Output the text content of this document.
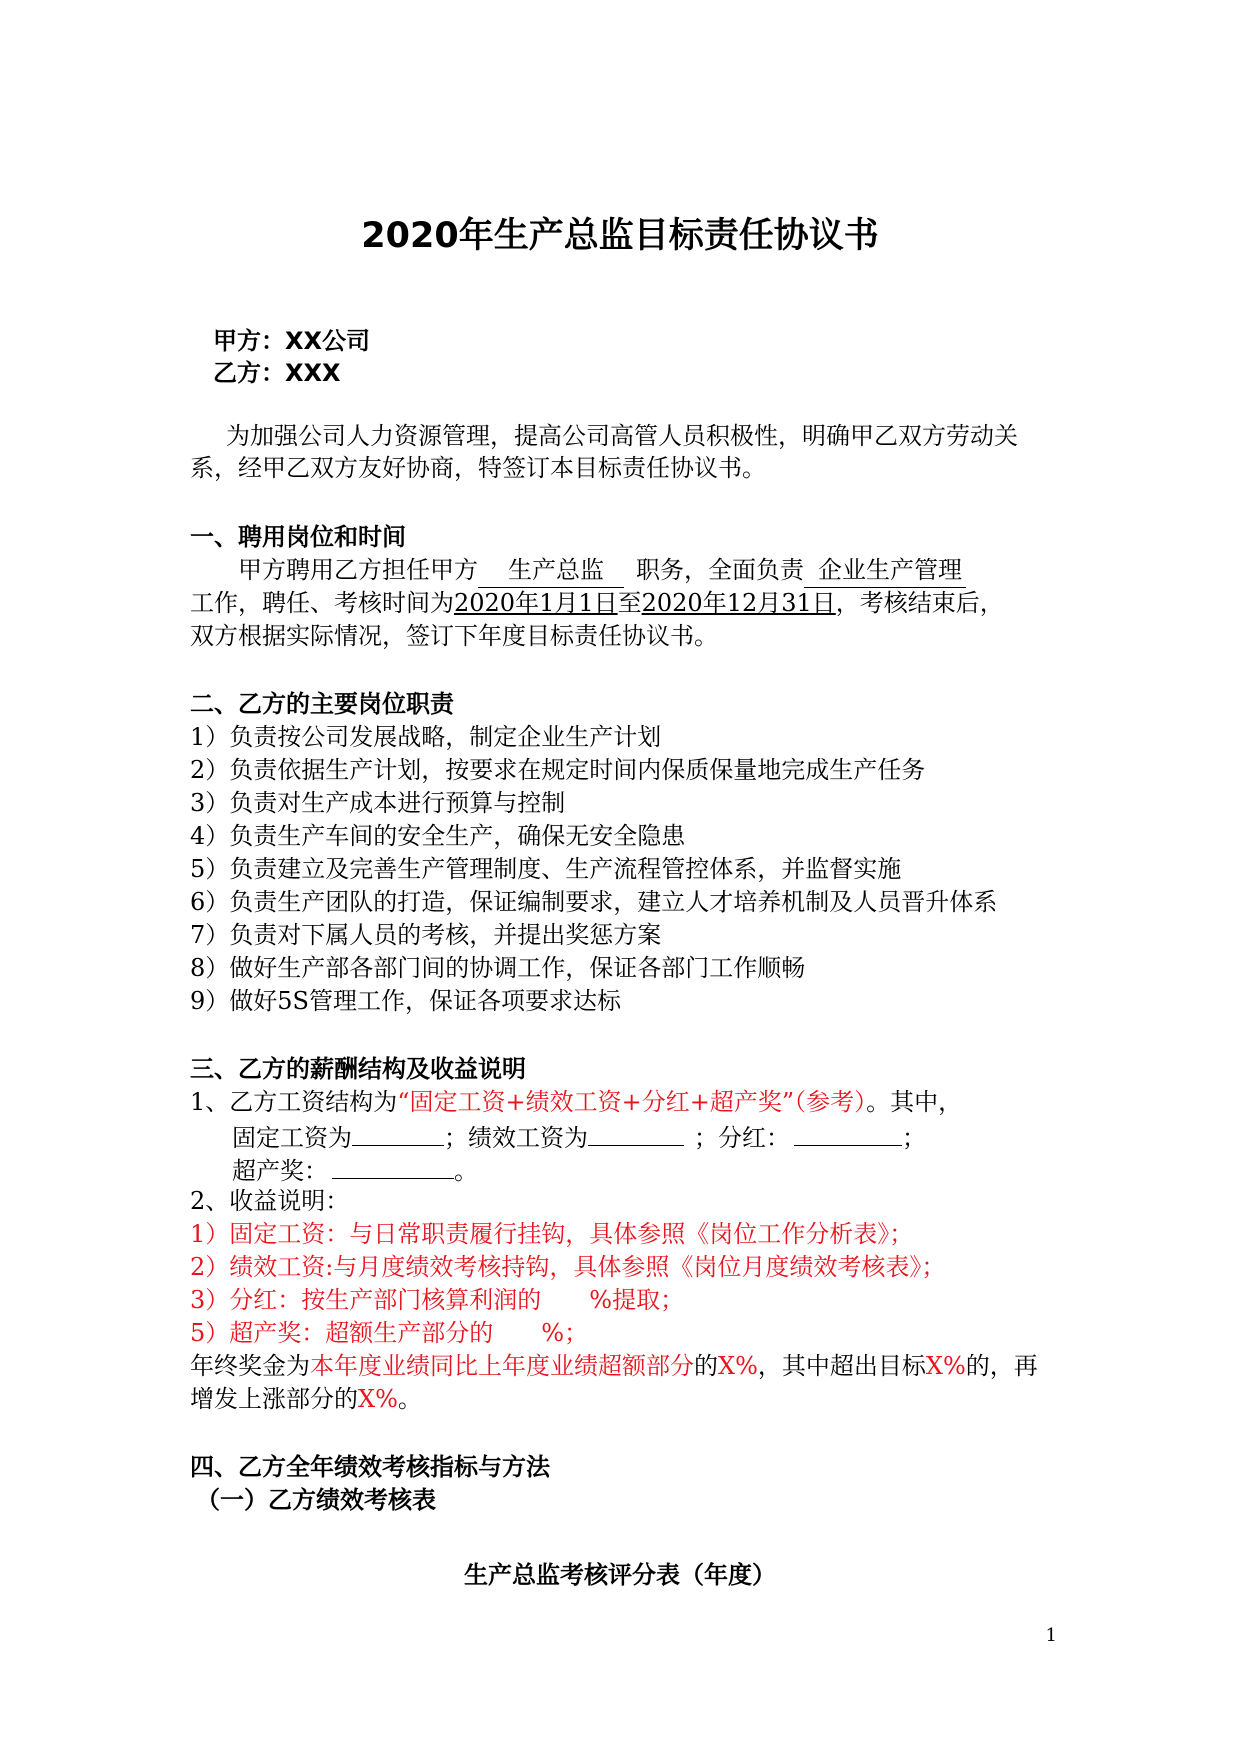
2020年生产总监目标责任协议书
甲方：XX公司
乙方：XXX
为加强公司人力资源管理，提高公司高管人员积极性，明确甲乙双方劳动关
系，经甲乙双方友好协商，特签订本目标责任协议书。
一、聘用岗位和时间
甲方聘用乙方担任甲方 生产总监 职务，全面负责 企业生产管理
工作，聘任、考核时间为2020年1月1日至2020年12月31日，考核结束后，
双方根据实际情况，签订下年度目标责任协议书。
二、乙方的主要岗位职责
1）负责按公司发展战略，制定企业生产计划
2）负责依据生产计划，按要求在规定时间内保质保量地完成生产任务
3）负责对生产成本进行预算与控制
4）负责生产车间的安全生产，确保无安全隐患
5）负责建立及完善生产管理制度、生产流程管控体系，并监督实施
6）负责生产团队的打造，保证编制要求，建立人才培养机制及人员晋升体系
7）负责对下属人员的考核，并提出奖惩方案
8）做好生产部各部门间的协调工作，保证各部门工作顺畅
9）做好5S管理工作，保证各项要求达标
三、乙方的薪酬结构及收益说明
1、乙方工资结构为“固定工资+绩效工资+分红+超产奖”（参考）。其中，
固定工资为	；绩效工资为	；分红：	；
超产奖：	。
2、收益说明：
1）固定工资：与日常职责履行挂钩，具体参照《岗位工作分析表》；
2）绩效工资:与月度绩效考核持钩，具体参照《岗位月度绩效考核表》；
3）分红：按生产部门核算利润的　　%提取；
5）超产奖：超额生产部分的　　%；
年终奖金为本年度业绩同比上年度业绩超额部分的X%，其中超出目标X%的，再
增发上涨部分的X%。
四、乙方全年绩效考核指标与方法
（一）乙方绩效考核表
生产总监考核评分表（年度）
1
